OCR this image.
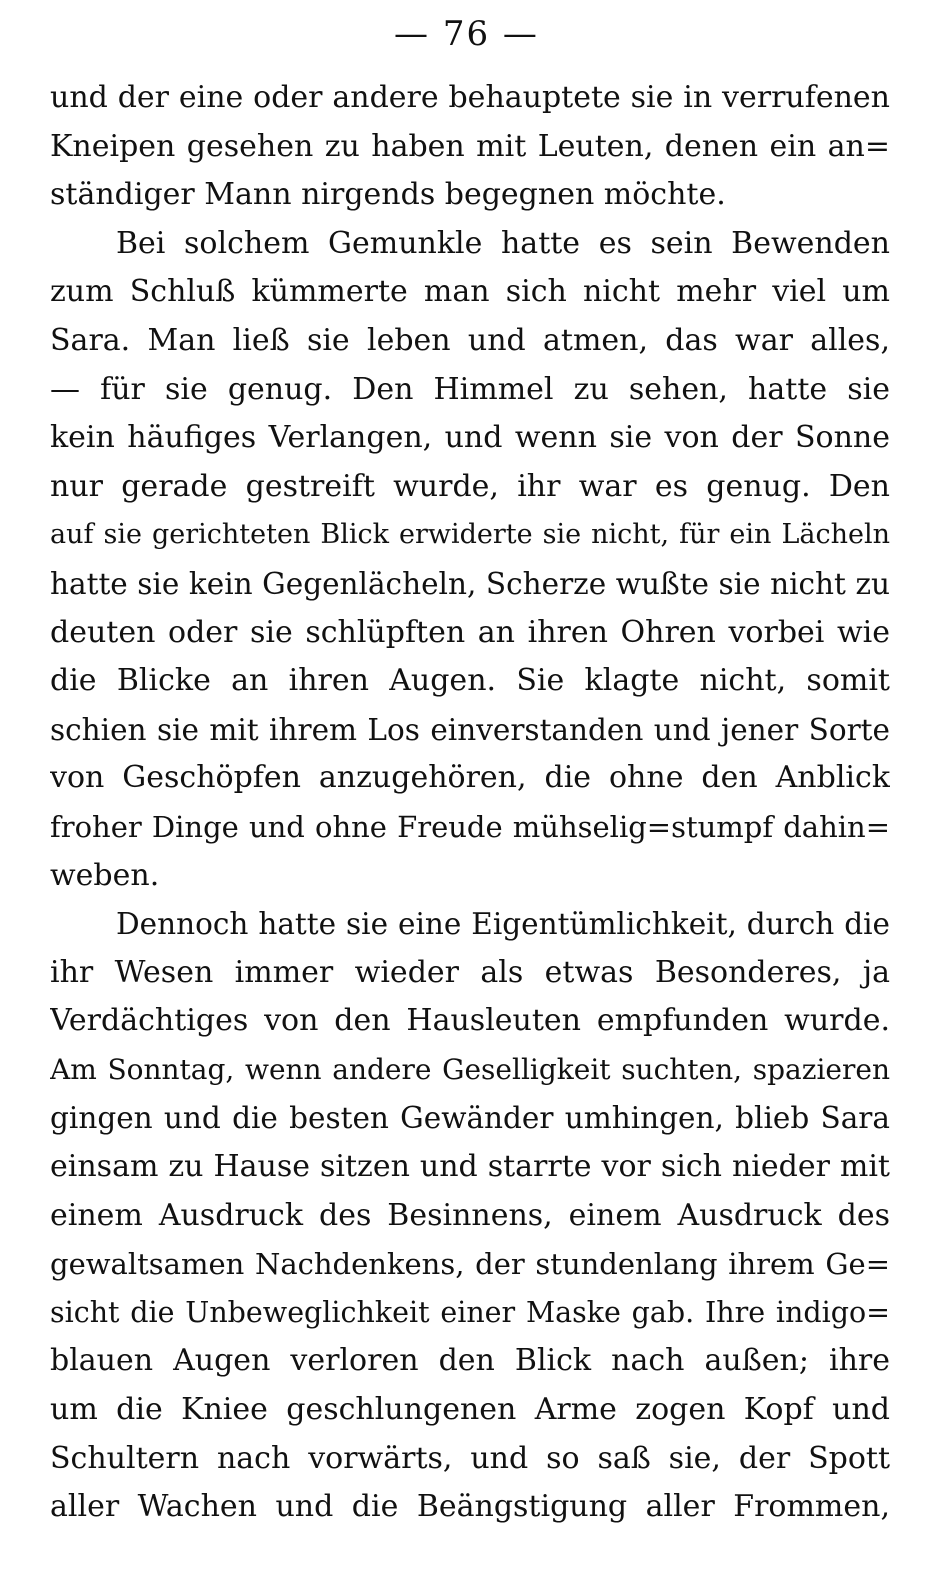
— 76 —
und der eine oder andere behauptete sie in verrufenen
Kneipen gesehen zu haben mit Leuten, denen ein an=
ständiger Mann nirgends begegnen möchte.
Bei solchem Gemunkle hatte es sein Bewenden
zum Schluß kümmerte man sich nicht mehr viel um
Sara. Man ließ sie leben und atmen, das war alles,
— für sie genug. Den Himmel zu sehen, hatte sie
kein häufiges Verlangen, und wenn sie von der Sonne
nur gerade gestreift wurde, ihr war es genug. Den
auf sie gerichteten Blick erwiderte sie nicht, für ein Lächeln
hatte sie kein Gegenlächeln, Scherze wußte sie nicht zu
deuten oder sie schlüpften an ihren Ohren vorbei wie
die Blicke an ihren Augen. Sie klagte nicht, somit
schien sie mit ihrem Los einverstanden und jener Sorte
von Geschöpfen anzugehören, die ohne den Anblick
froher Dinge und ohne Freude mühselig=stumpf dahin=
weben.
Dennoch hatte sie eine Eigentümlichkeit, durch die
ihr Wesen immer wieder als etwas Besonderes, ja
Verdächtiges von den Hausleuten empfunden wurde.
Am Sonntag, wenn andere Geselligkeit suchten, spazieren
gingen und die besten Gewänder umhingen, blieb Sara
einsam zu Hause sitzen und starrte vor sich nieder mit
einem Ausdruck des Besinnens, einem Ausdruck des
gewaltsamen Nachdenkens, der stundenlang ihrem Ge=
sicht die Unbeweglichkeit einer Maske gab. Ihre indigo=
blauen Augen verloren den Blick nach außen; ihre
um die Kniee geschlungenen Arme zogen Kopf und
Schultern nach vorwärts, und so saß sie, der Spott
aller Wachen und die Beängstigung aller Frommen,
